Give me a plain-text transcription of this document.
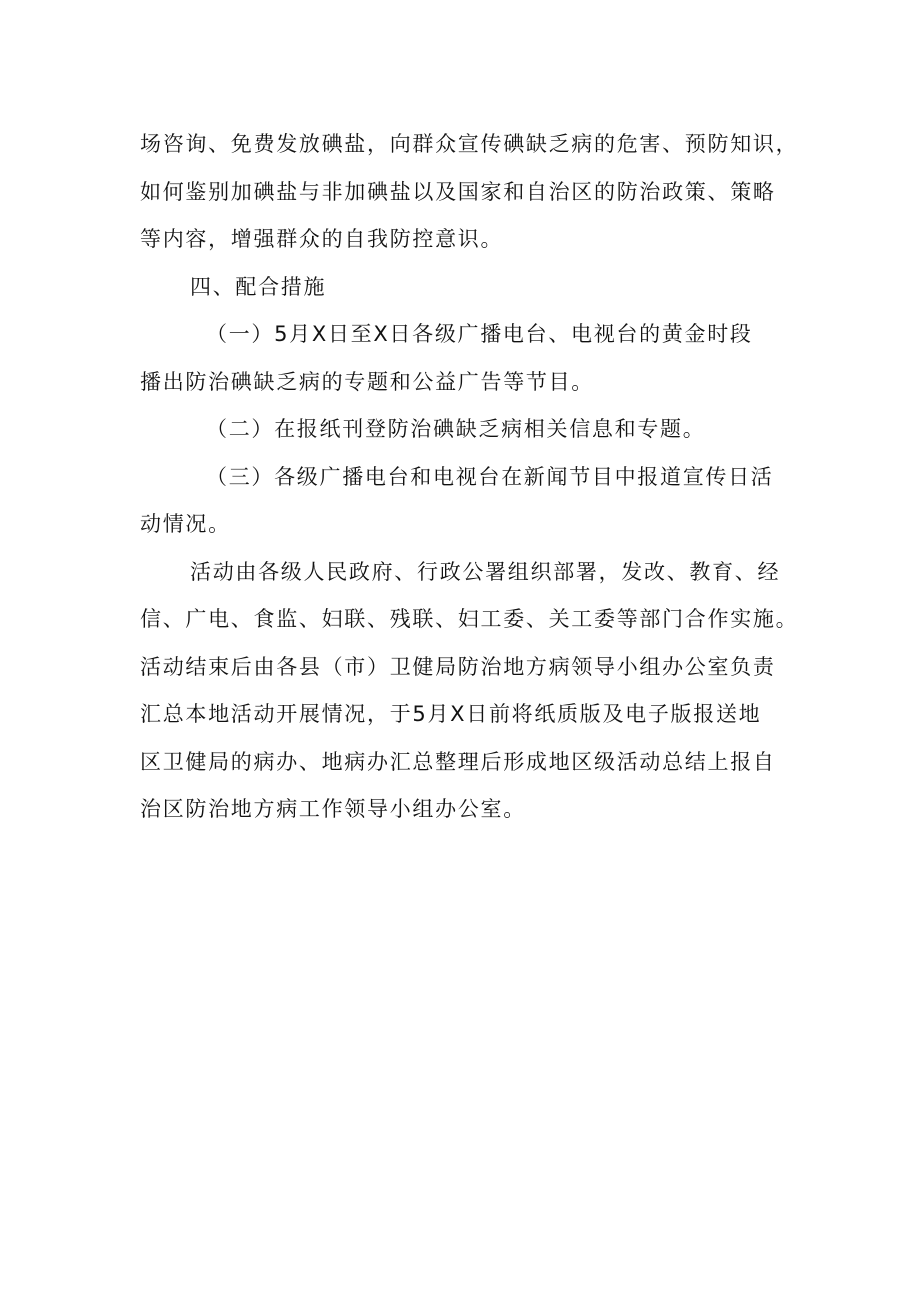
场咨询、免费发放碘盐，向群众宣传碘缺乏病的危害、预防知识，
如何鉴别加碘盐与非加碘盐以及国家和自治区的防治政策、策略
等内容，增强群众的自我防控意识。
四、配合措施
（一）5月X日至X日各级广播电台、电视台的黄金时段
播出防治碘缺乏病的专题和公益广告等节目。
（二）在报纸刊登防治碘缺乏病相关信息和专题。
（三）各级广播电台和电视台在新闻节目中报道宣传日活
动情况。
活动由各级人民政府、行政公署组织部署，发改、教育、经
信、广电、食监、妇联、残联、妇工委、关工委等部门合作实施。
活动结束后由各县（市）卫健局防治地方病领导小组办公室负责
汇总本地活动开展情况，于5月X日前将纸质版及电子版报送地
区卫健局的病办、地病办汇总整理后形成地区级活动总结上报自
治区防治地方病工作领导小组办公室。
